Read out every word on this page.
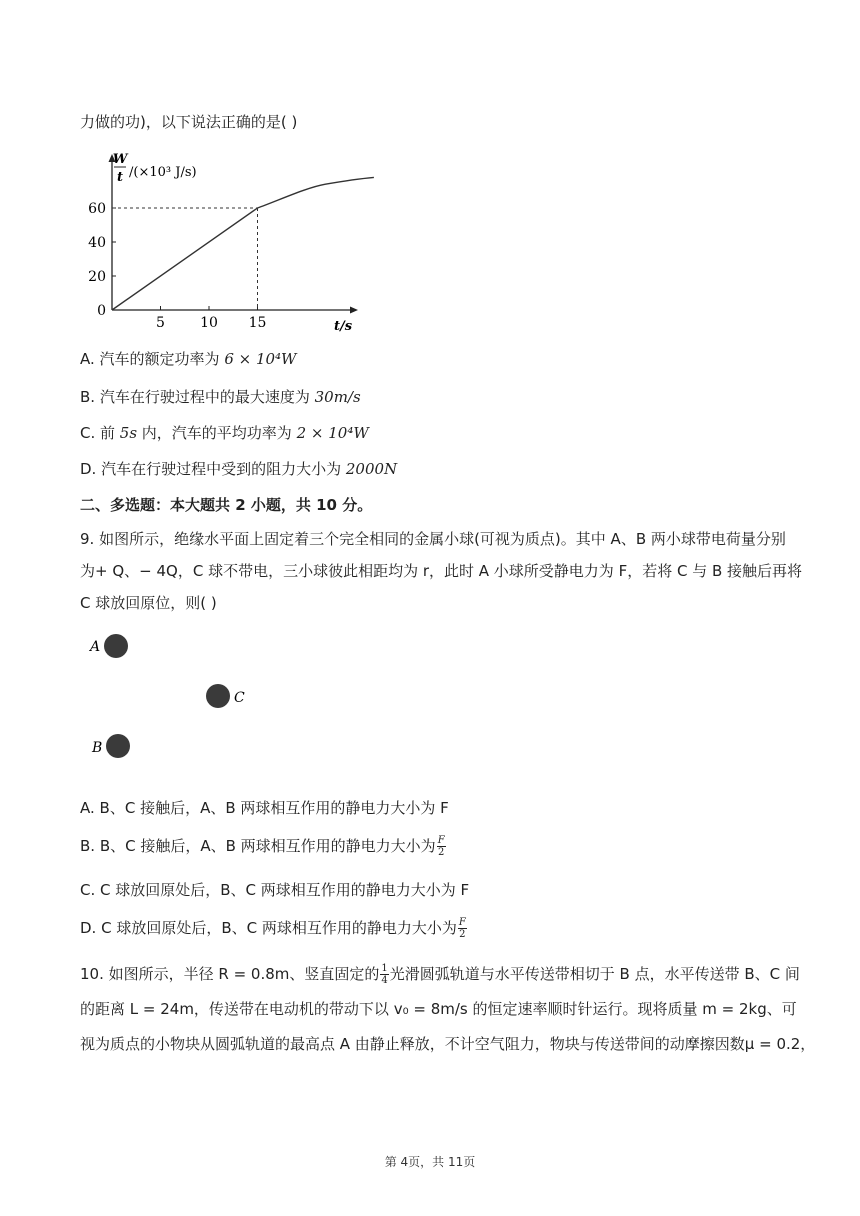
力做的功)，以下说法正确的是( )
W
t /(×10³ J/s)
5	10 15
20
40
60
t/s
0
A. 汽车的额定功率为 6 × 10⁴W
B. 汽车在行驶过程中的最大速度为 30m/s
C. 前 5s 内，汽车的平均功率为 2 × 10⁴W
D. 汽车在行驶过程中受到的阻力大小为 2000N
二、多选题：本大题共 2 小题，共 10 分。
9. 如图所示，绝缘水平面上固定着三个完全相同的金属小球(可视为质点)。其中 A、B 两小球带电荷量分别
为+ Q、− 4Q，C 球不带电，三小球彼此相距均为 r，此时 A 小球所受静电力为 F，若将 C 与 B 接触后再将
C 球放回原位，则( )
A
C
B
A. B、C 接触后，A、B 两球相互作用的静电力大小为 F
B. B、C 接触后，A、B 两球相互作用的静电力大小为 $\frac{F}{2}$
C. C 球放回原处后，B、C 两球相互作用的静电力大小为 F
D. C 球放回原处后，B、C 两球相互作用的静电力大小为 $\frac{F}{2}$
10. 如图所示，半径 R = 0.8m、竖直固定的 $\frac{1}{4}$ 光滑圆弧轨道与水平传送带相切于 B 点，水平传送带 B、C 间
的距离 L = 24m，传送带在电动机的带动下以 v₀ = 8m/s 的恒定速率顺时针运行。现将质量 m = 2kg、可
视为质点的小物块从圆弧轨道的最高点 A 由静止释放，不计空气阻力，物块与传送带间的动摩擦因数μ = 0.2，
第 4页，共 11页
